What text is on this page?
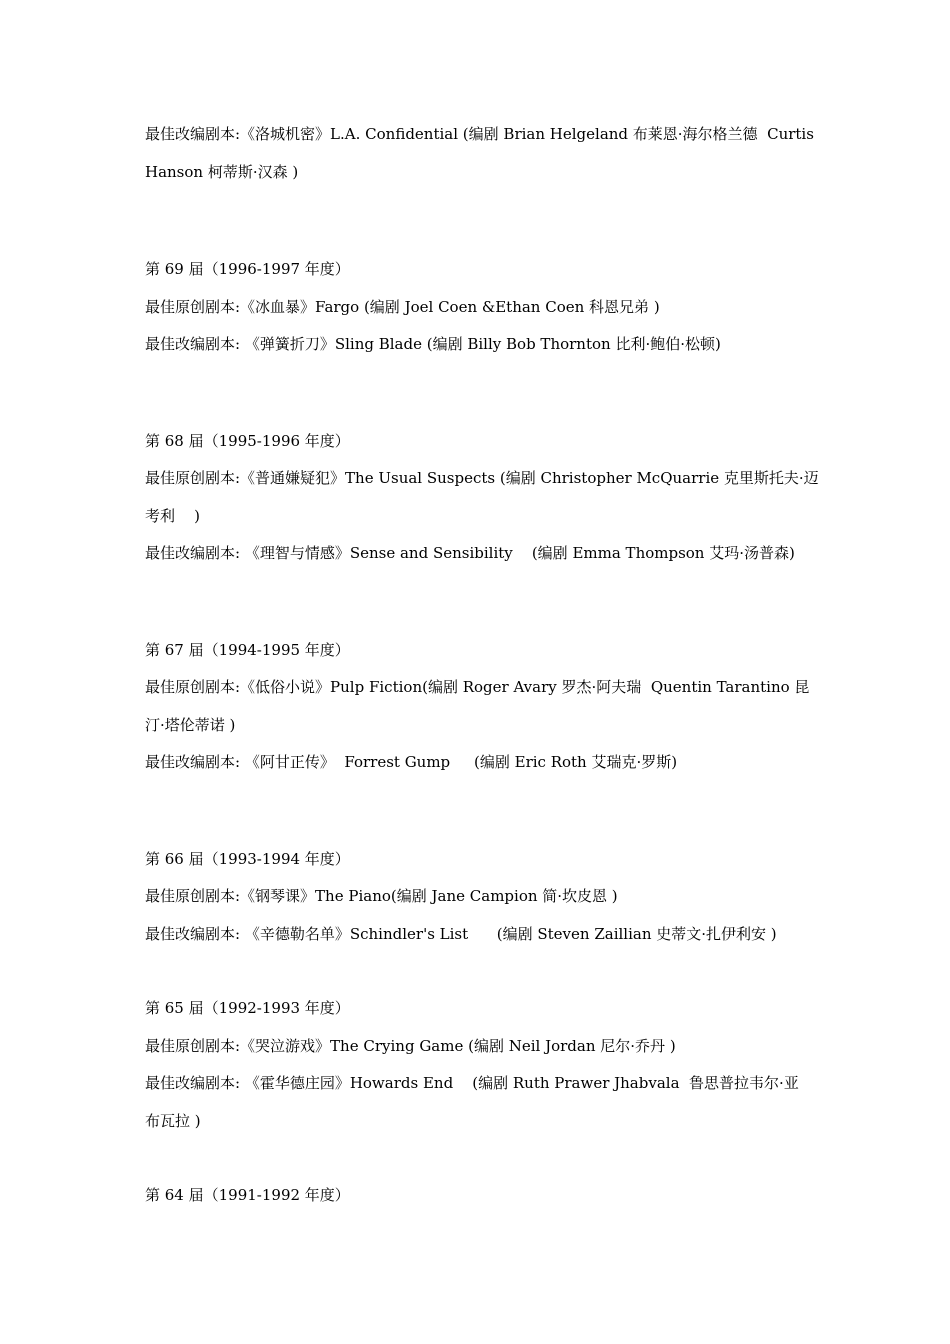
最佳改编剧本:《洛城机密》L.A. Confidential (编剧 Brian Helgeland 布莱恩·海尔格兰德  Curtis

Hanson 柯蒂斯·汉森 )

第 69 届（1996-1997 年度）

最佳原创剧本:《冰血暴》Fargo (编剧 Joel Coen &Ethan Coen 科恩兄弟 )

最佳改编剧本: 《弹簧折刀》Sling Blade (编剧 Billy Bob Thornton 比利·鲍伯·松顿)

第 68 届（1995-1996 年度）

最佳原创剧本:《普通嫌疑犯》The Usual Suspects (编剧 Christopher McQuarrie 克里斯托夫·迈

考利    )

最佳改编剧本: 《理智与情感》Sense and Sensibility    (编剧 Emma Thompson 艾玛·汤普森)

第 67 届（1994-1995 年度）

最佳原创剧本:《低俗小说》Pulp Fiction(编剧 Roger Avary 罗杰·阿夫瑞  Quentin Tarantino 昆

汀·塔伦蒂诺 )

最佳改编剧本: 《阿甘正传》  Forrest Gump     (编剧 Eric Roth 艾瑞克·罗斯)

第 66 届（1993-1994 年度）

最佳原创剧本:《钢琴课》The Piano(编剧 Jane Campion 简·坎皮恩 )

最佳改编剧本: 《辛德勒名单》Schindler's List      (编剧 Steven Zaillian 史蒂文·扎伊利安 )

第 65 届（1992-1993 年度）

最佳原创剧本:《哭泣游戏》The Crying Game (编剧 Neil Jordan 尼尔·乔丹 )

最佳改编剧本: 《霍华德庄园》Howards End    (编剧 Ruth Prawer Jhabvala  鲁思普拉韦尔·亚

布瓦拉 )

第 64 届（1991-1992 年度）
